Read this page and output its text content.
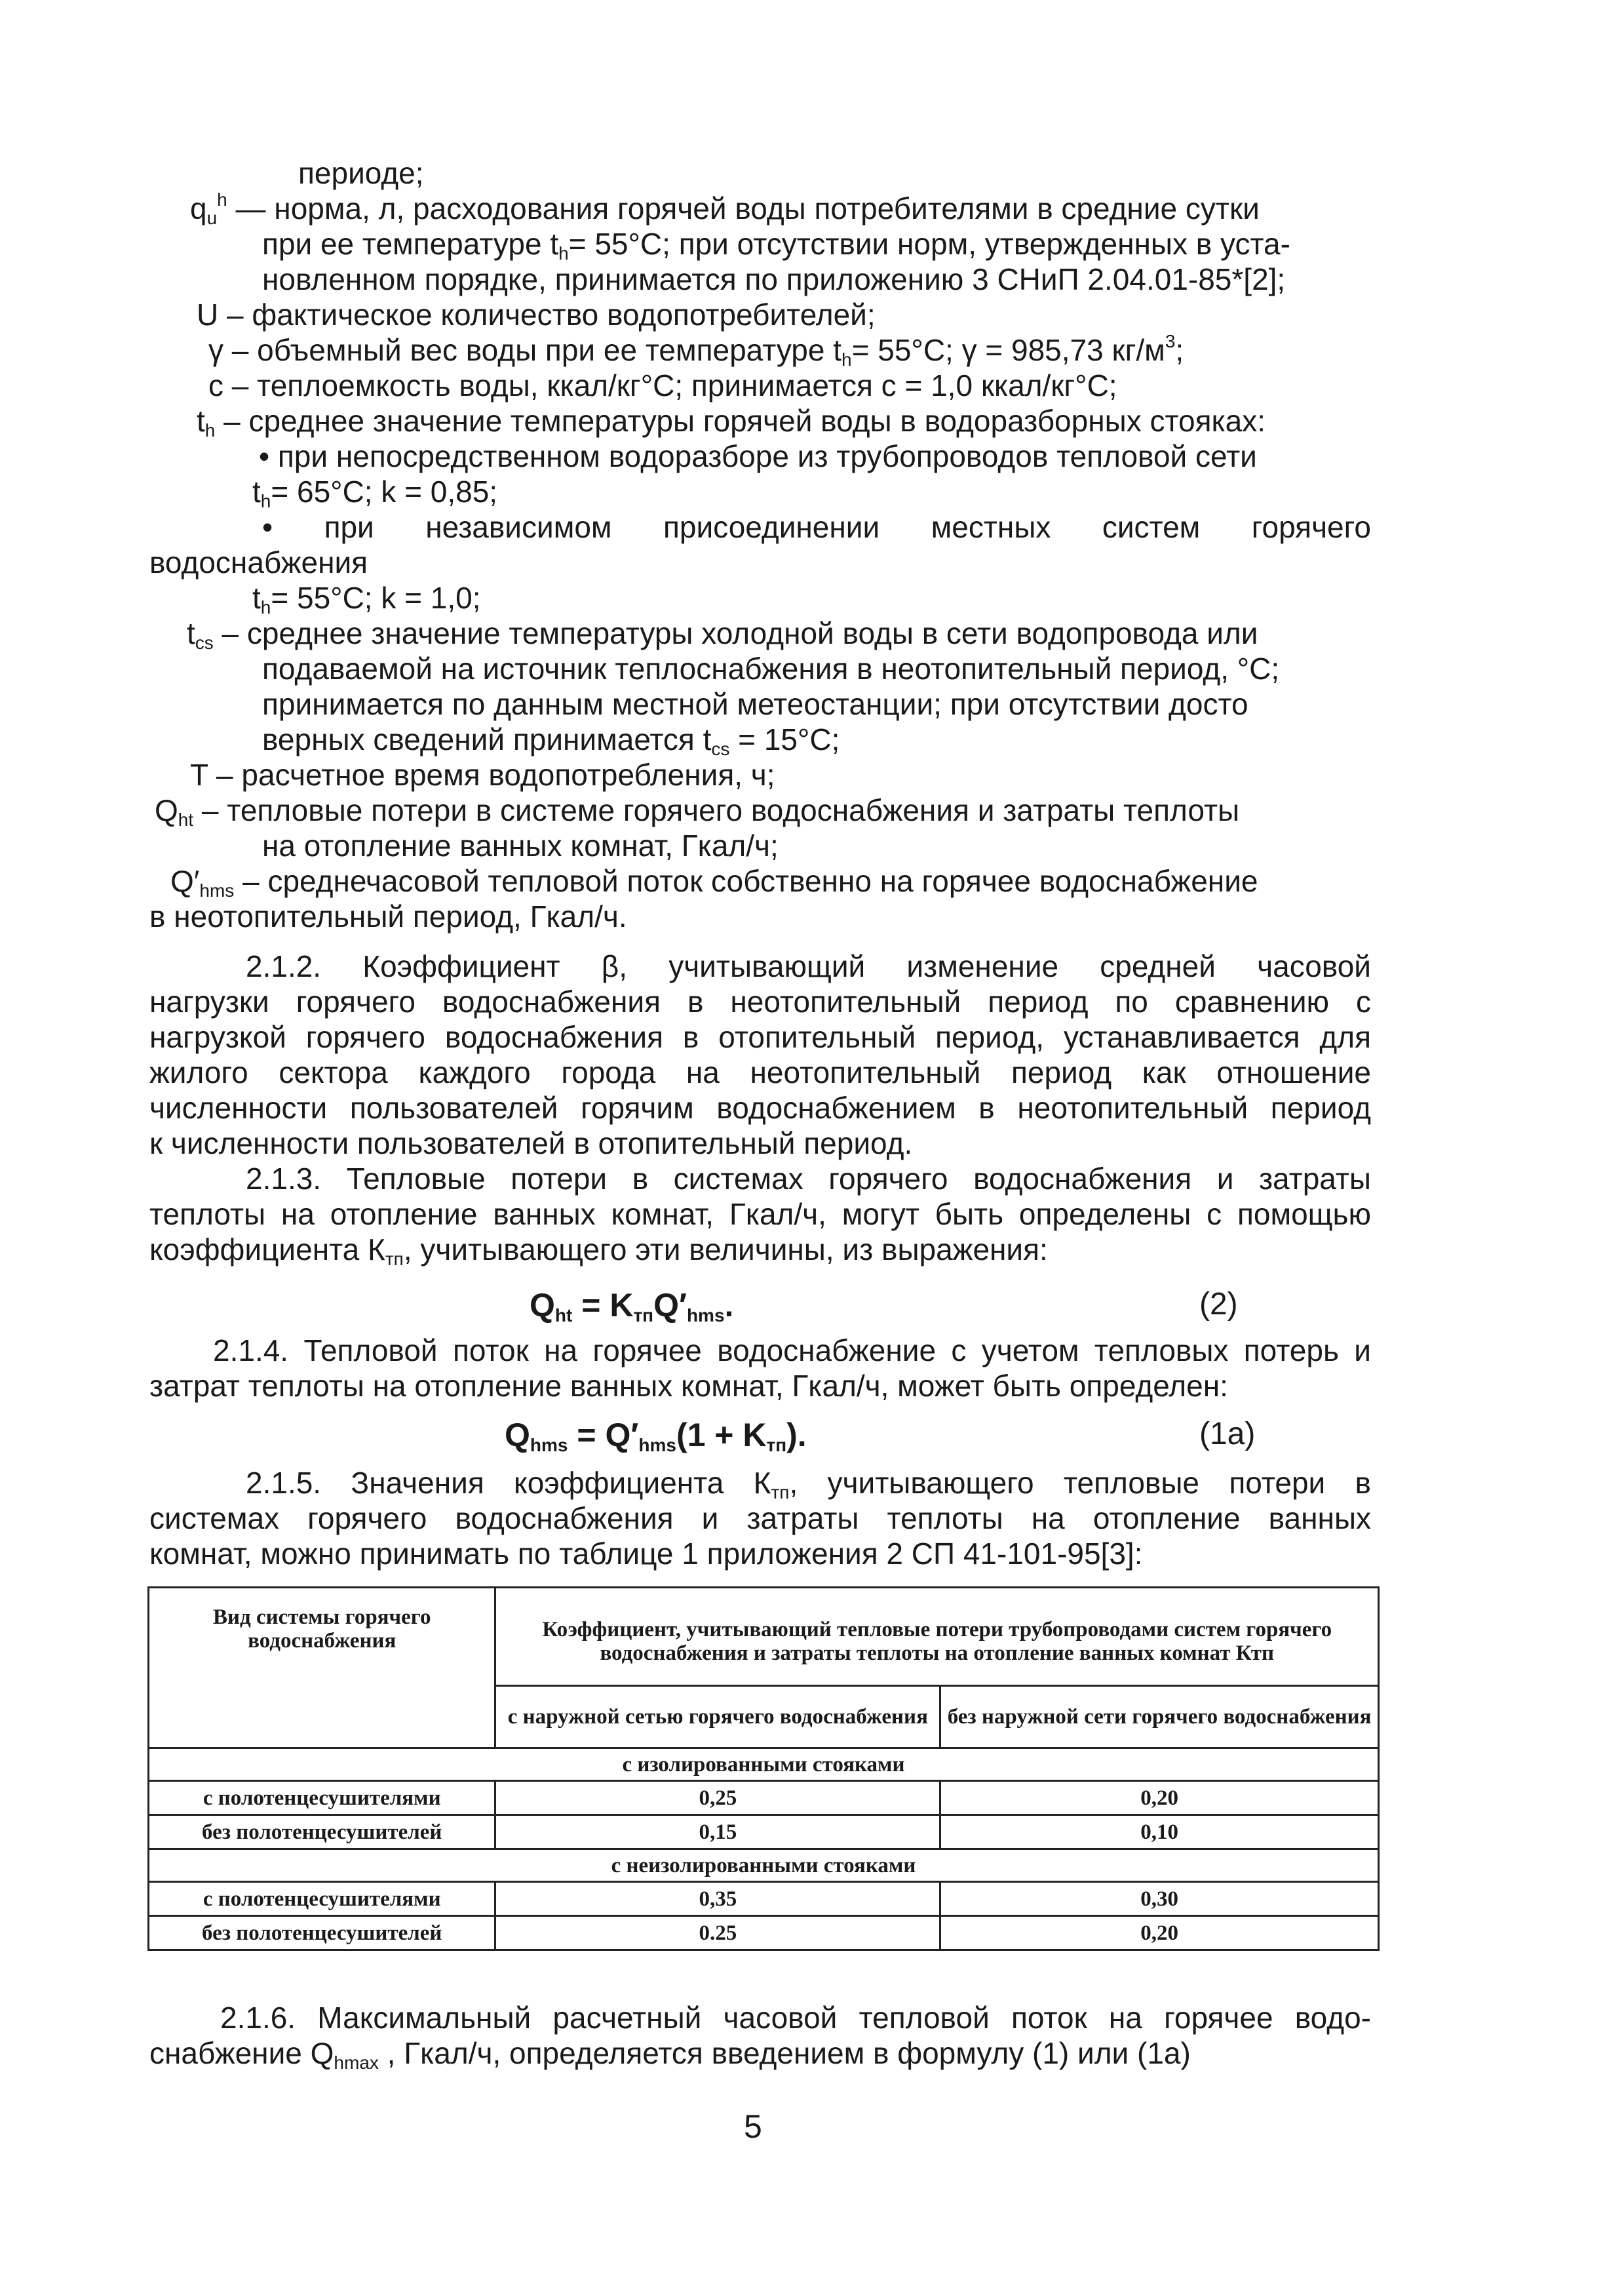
периоде;
$q_u^h$ — норма, л, расходования горячей воды потребителями в средние сутки
при ее температуре $t_h= 55^\circ C$; при отсутствии норм, утвержденных в уста-
новленном порядке, принимается по приложению 3 СНиП 2.04.01-85*[2];
U – фактическое количество водопотребителей;
γ – объемный вес воды при ее температуре $t_h= 55^\circ C$; γ = 985,73 $кг/м^3$;
c – теплоемкость воды, ккал/кг°C; принимается с = 1,0 ккал/кг°C;
$t_h$ – среднее значение температуры горячей воды в водоразборных стояках:
• при непосредственном водоразборе из трубопроводов тепловой сети
$t_h= 65^\circ C$; k = 0,85;
• при независимом присоединении местных систем горячего
водоснабжения
$t_h= 55^\circ C$; k = 1,0;
$t_{cs}$ – среднее значение температуры холодной воды в сети водопровода или
подаваемой на источник теплоснабжения в неотопительный период, °C;
принимается по данным местной метеостанции; при отсутствии досто
верных сведений принимается $t_{cs} = 15^\circ C$;
T – расчетное время водопотребления, ч;
$Q_{ht}$ – тепловые потери в системе горячего водоснабжения и затраты теплоты
на отопление ванных комнат, Гкал/ч;
$Q'_{hms}$ – среднечасовой тепловой поток собственно на горячее водоснабжение
в неотопительный период, Гкал/ч.
2.1.2. Коэффициент β, учитывающий изменение средней часовой
нагрузки горячего водоснабжения в неотопительный период по сравнению с
нагрузкой горячего водоснабжения в отопительный период, устанавливается для
жилого сектора каждого города на неотопительный период как отношение
численности пользователей горячим водоснабжением в неотопительный период
к численности пользователей в отопительный период.
2.1.3. Тепловые потери в системах горячего водоснабжения и затраты
теплоты на отопление ванных комнат, Гкал/ч, могут быть определены с помощью
коэффициента $К_{тп}$, учитывающего эти величины, из выражения:
$Q_{ht} = K_{тп}Q'_{hms}$.	(2)
2.1.4. Тепловой поток на горячее водоснабжение с учетом тепловых потерь и
затрат теплоты на отопление ванных комнат, Гкал/ч, может быть определен:
$Q_{hms} = Q'_{hms}(1 + K_{тп})$.	(1a)
2.1.5. Значения коэффициента $К_{тп}$, учитывающего тепловые потери в
системах горячего водоснабжения и затраты теплоты на отопление ванных
комнат, можно принимать по таблице 1 приложения 2 СП 41-101-95[3]:
Вид системы горячего водоснабжения	Коэффициент, учитывающий тепловые потери трубопроводами систем горячего водоснабжения и затраты теплоты на отопление ванных комнат Ктп	
	с наружной сетью горячего водоснабжения	без наружной сети горячего водоснабжения
с изолированными стояками		
с полотенцесушителями	0,25	0,20
без полотенцесушителей	0,15	0,10
с неизолированными стояками		
с полотенцесушителями	0,35	0,30
без полотенцесушителей	0.25	0,20
2.1.6. Максимальный расчетный часовой тепловой поток на горячее водо-
снабжение $Q_{hmax}$ , Гкал/ч, определяется введением в формулу (1) или (1a)
5
